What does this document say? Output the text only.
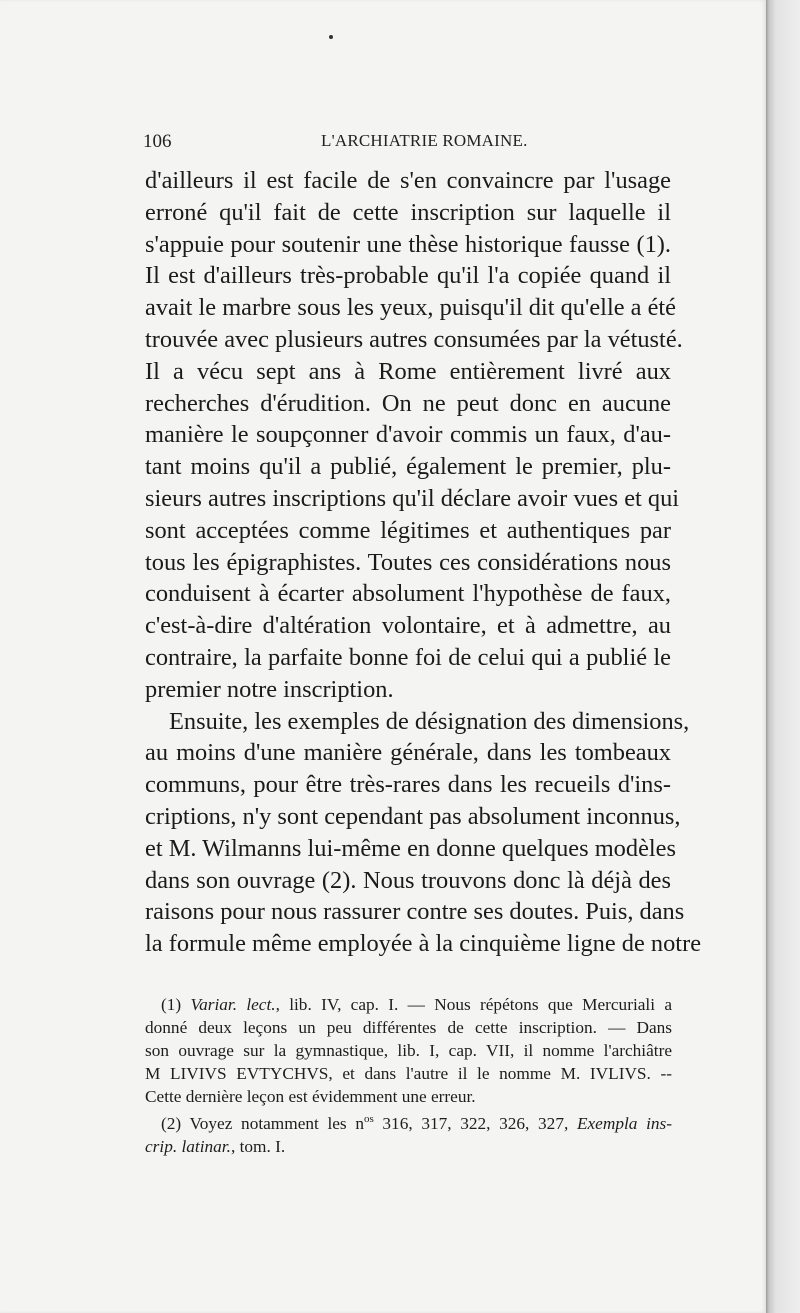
106	L'ARCHIATRIE ROMAINE.
d'ailleurs il est facile de s'en convaincre par l'usage
erroné qu'il fait de cette inscription sur laquelle il
s'appuie pour soutenir une thèse historique fausse (1).
Il est d'ailleurs très-probable qu'il l'a copiée quand il
avait le marbre sous les yeux, puisqu'il dit qu'elle a été
trouvée avec plusieurs autres consumées par la vétusté.
Il a vécu sept ans à Rome entièrement livré aux
recherches d'érudition. On ne peut donc en aucune
manière le soupçonner d'avoir commis un faux, d'au-
tant moins qu'il a publié, également le premier, plu-
sieurs autres inscriptions qu'il déclare avoir vues et qui
sont acceptées comme légitimes et authentiques par
tous les épigraphistes. Toutes ces considérations nous
conduisent à écarter absolument l'hypothèse de faux,
c'est-à-dire d'altération volontaire, et à admettre, au
contraire, la parfaite bonne foi de celui qui a publié le
premier notre inscription.
Ensuite, les exemples de désignation des dimensions,
au moins d'une manière générale, dans les tombeaux
communs, pour être très-rares dans les recueils d'ins-
criptions, n'y sont cependant pas absolument inconnus,
et M. Wilmanns lui-même en donne quelques modèles
dans son ouvrage (2). Nous trouvons donc là déjà des
raisons pour nous rassurer contre ses doutes. Puis, dans
la formule même employée à la cinquième ligne de notre
(1) Variar. lect., lib. IV, cap. I. — Nous répétons que Mercuriali a
donné deux leçons un peu différentes de cette inscription. — Dans
son ouvrage sur la gymnastique, lib. I, cap. VII, il nomme l'archiâtre
M LIVIVS EVTYCHVS, et dans l'autre il le nomme M. IVLIVS. --
Cette dernière leçon est évidemment une erreur.
(2) Voyez notamment les $n^{os}$ 316, 317, 322, 326, 327, Exempla ins-
crip. latinar., tom. I.
